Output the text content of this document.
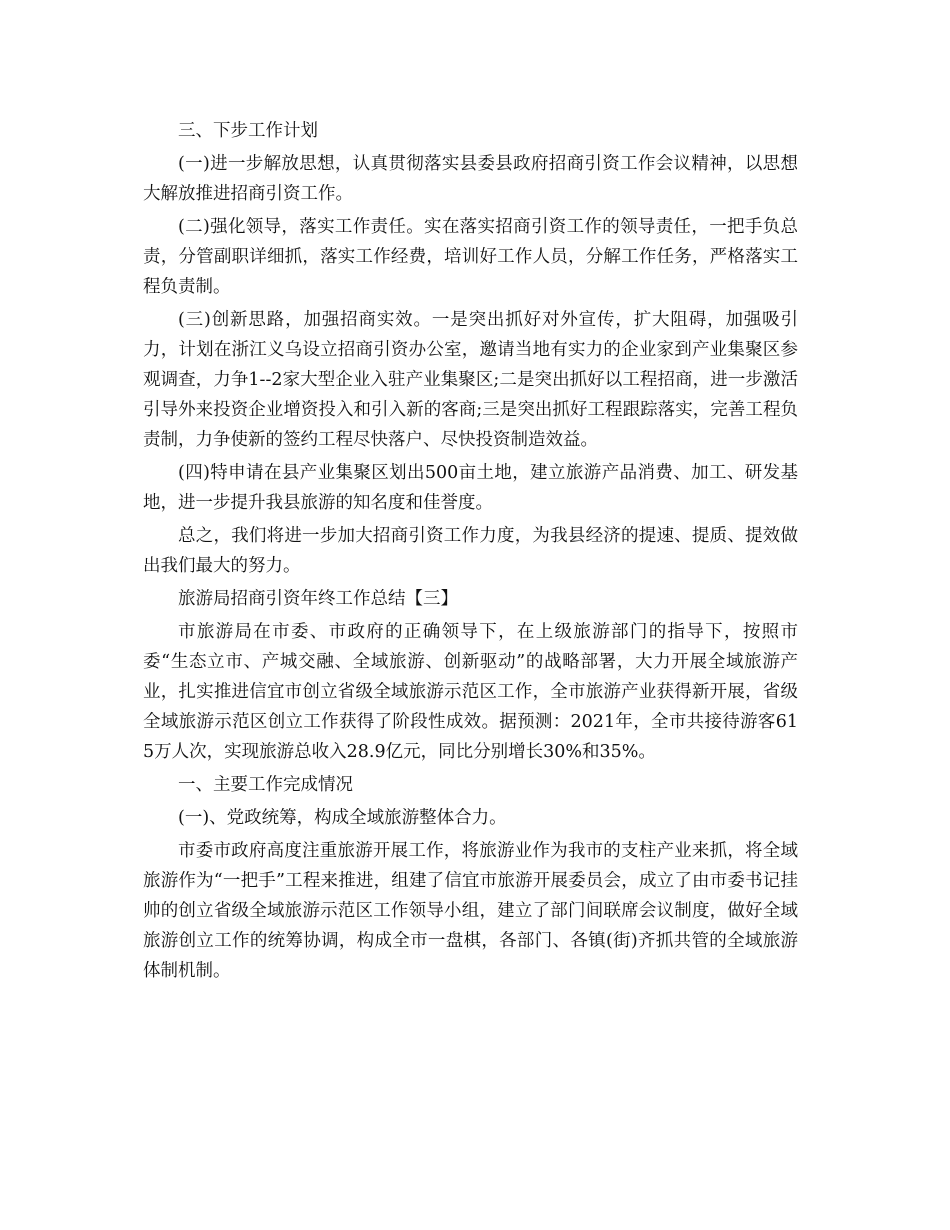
三、下步工作计划

(一)进一步解放思想，认真贯彻落实县委县政府招商引资工作会议精神，以思想大解放推进招商引资工作。

(二)强化领导，落实工作责任。实在落实招商引资工作的领导责任，一把手负总责，分管副职详细抓，落实工作经费，培训好工作人员，分解工作任务，严格落实工程负责制。

(三)创新思路，加强招商实效。一是突出抓好对外宣传，扩大阻碍，加强吸引力，计划在浙江义乌设立招商引资办公室，邀请当地有实力的企业家到产业集聚区参观调查，力争1--2家大型企业入驻产业集聚区;二是突出抓好以工程招商，进一步激活引导外来投资企业增资投入和引入新的客商;三是突出抓好工程跟踪落实，完善工程负责制，力争使新的签约工程尽快落户、尽快投资制造效益。

(四)特申请在县产业集聚区划出500亩土地，建立旅游产品消费、加工、研发基地，进一步提升我县旅游的知名度和佳誉度。

总之，我们将进一步加大招商引资工作力度，为我县经济的提速、提质、提效做出我们最大的努力。

旅游局招商引资年终工作总结【三】

市旅游局在市委、市政府的正确领导下，在上级旅游部门的指导下，按照市委“生态立市、产城交融、全域旅游、创新驱动”的战略部署，大力开展全域旅游产业，扎实推进信宜市创立省级全域旅游示范区工作，全市旅游产业获得新开展，省级全域旅游示范区创立工作获得了阶段性成效。据预测：2021年，全市共接待游客615万人次，实现旅游总收入28.9亿元，同比分别增长30%和35%。

一、主要工作完成情况

(一)、党政统筹，构成全域旅游整体合力。

市委市政府高度注重旅游开展工作，将旅游业作为我市的支柱产业来抓，将全域旅游作为“一把手”工程来推进，组建了信宜市旅游开展委员会，成立了由市委书记挂帅的创立省级全域旅游示范区工作领导小组，建立了部门间联席会议制度，做好全域旅游创立工作的统筹协调，构成全市一盘棋，各部门、各镇(街)齐抓共管的全域旅游体制机制。
